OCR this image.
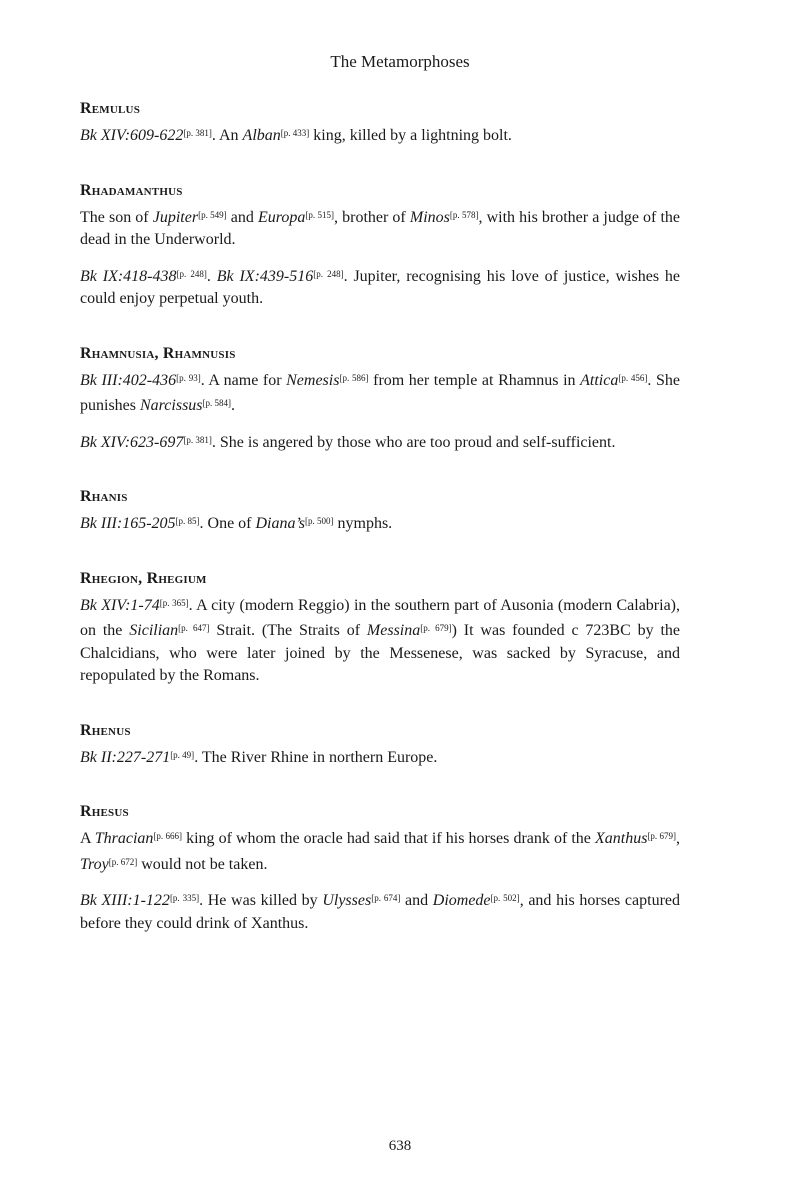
The Metamorphoses
Remulus

Bk XIV:609-622[p. 381]. An Alban[p. 433] king, killed by a lightning bolt.

Rhadamanthus

The son of Jupiter[p. 549] and Europa[p. 515], brother of Minos[p. 578], with his brother a judge of the dead in the Underworld.

Bk IX:418-438[p. 248]. Bk IX:439-516[p. 248]. Jupiter, recognising his love of justice, wishes he could enjoy perpetual youth.

Rhamnusia, Rhamnusis

Bk III:402-436[p. 93]. A name for Nemesis[p. 586] from her temple at Rhamnus in Attica[p. 456]. She punishes Narcissus[p. 584].

Bk XIV:623-697[p. 381]. She is angered by those who are too proud and self-sufficient.

Rhanis

Bk III:165-205[p. 85]. One of Diana’s[p. 500] nymphs.

Rhegion, Rhegium

Bk XIV:1-74[p. 365]. A city (modern Reggio) in the southern part of Ausonia (modern Calabria), on the Sicilian[p. 647] Strait. (The Straits of Messina[p. 679]) It was founded c 723BC by the Chalcidians, who were later joined by the Messenese, was sacked by Syracuse, and repopulated by the Romans.

Rhenus

Bk II:227-271[p. 49]. The River Rhine in northern Europe.

Rhesus

A Thracian[p. 666] king of whom the oracle had said that if his horses drank of the Xanthus[p. 679], Troy[p. 672] would not be taken.

Bk XIII:1-122[p. 335]. He was killed by Ulysses[p. 674] and Diomede[p. 502], and his horses captured before they could drink of Xanthus.

638
